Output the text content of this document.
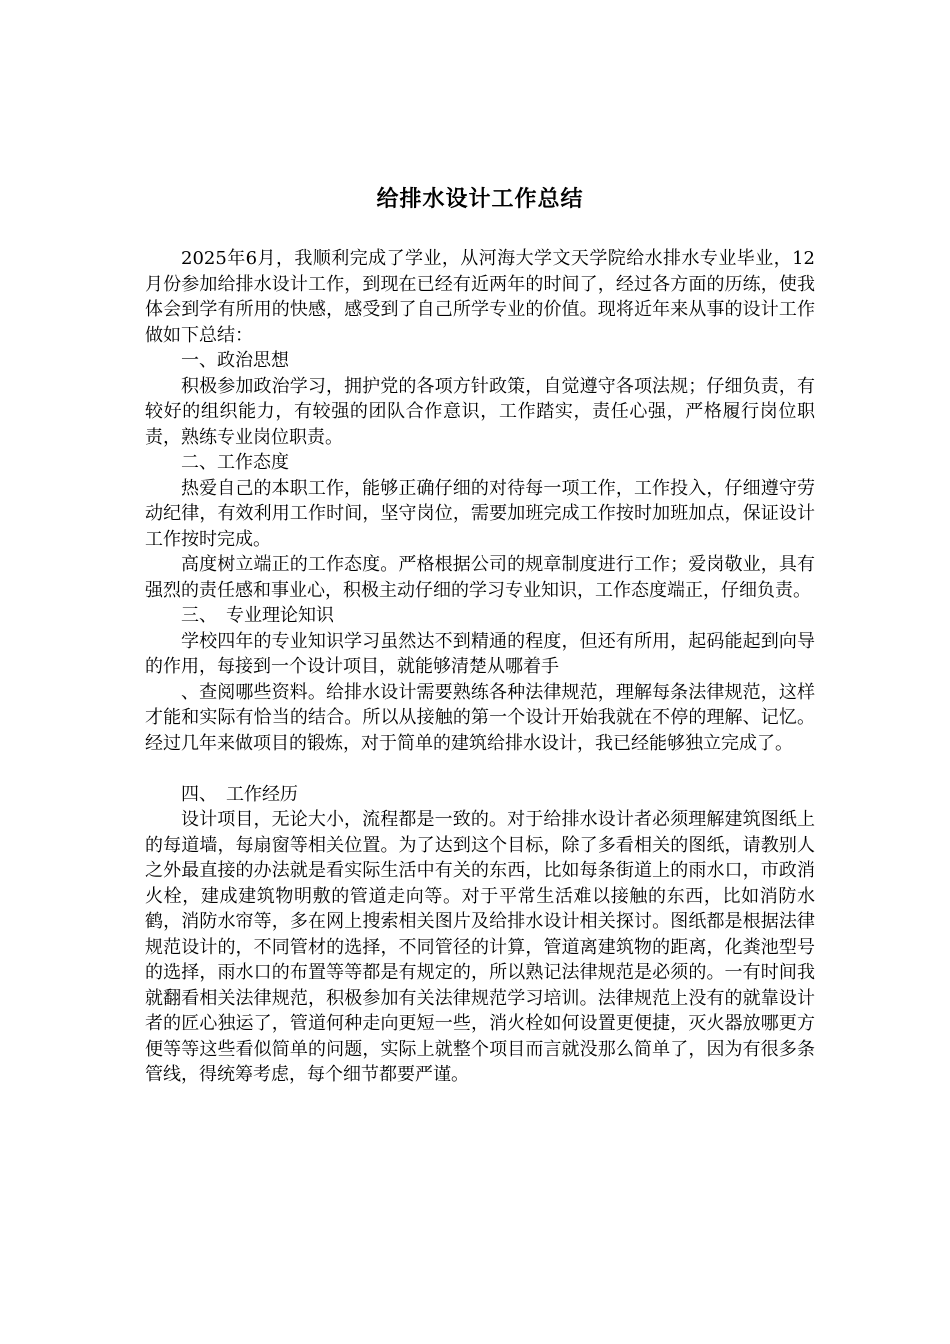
给排水设计工作总结

2025年6月，我顺利完成了学业，从河海大学文天学院给水排水专业毕业，12月份参加给排水设计工作，到现在已经有近两年的时间了，经过各方面的历练，使我体会到学有所用的快感，感受到了自己所学专业的价值。现将近年来从事的设计工作做如下总结：

一、政治思想

积极参加政治学习，拥护党的各项方针政策，自觉遵守各项法规；仔细负责，有较好的组织能力，有较强的团队合作意识，工作踏实，责任心强，严格履行岗位职责，熟练专业岗位职责。

二、工作态度

热爱自己的本职工作，能够正确仔细的对待每一项工作，工作投入，仔细遵守劳动纪律，有效利用工作时间，坚守岗位，需要加班完成工作按时加班加点，保证设计工作按时完成。

高度树立端正的工作态度。严格根据公司的规章制度进行工作；爱岗敬业，具有强烈的责任感和事业心，积极主动仔细的学习专业知识，工作态度端正，仔细负责。

三、　专业理论知识

学校四年的专业知识学习虽然达不到精通的程度，但还有所用，起码能起到向导的作用，每接到一个设计项目，就能够清楚从哪着手

、查阅哪些资料。给排水设计需要熟练各种法律规范，理解每条法律规范，这样才能和实际有恰当的结合。所以从接触的第一个设计开始我就在不停的理解、记忆。经过几年来做项目的锻炼，对于简单的建筑给排水设计，我已经能够独立完成了。

四、　工作经历

设计项目，无论大小，流程都是一致的。对于给排水设计者必须理解建筑图纸上的每道墙，每扇窗等相关位置。为了达到这个目标，除了多看相关的图纸，请教别人之外最直接的办法就是看实际生活中有关的东西，比如每条街道上的雨水口，市政消火栓，建成建筑物明敷的管道走向等。对于平常生活难以接触的东西，比如消防水鹤，消防水帘等，多在网上搜索相关图片及给排水设计相关探讨。图纸都是根据法律规范设计的，不同管材的选择，不同管径的计算，管道离建筑物的距离，化粪池型号的选择，雨水口的布置等等都是有规定的，所以熟记法律规范是必须的。一有时间我就翻看相关法律规范，积极参加有关法律规范学习培训。法律规范上没有的就靠设计者的匠心独运了，管道何种走向更短一些，消火栓如何设置更便捷，灭火器放哪更方便等等这些看似简单的问题，实际上就整个项目而言就没那么简单了，因为有很多条管线，得统筹考虑，每个细节都要严谨。
